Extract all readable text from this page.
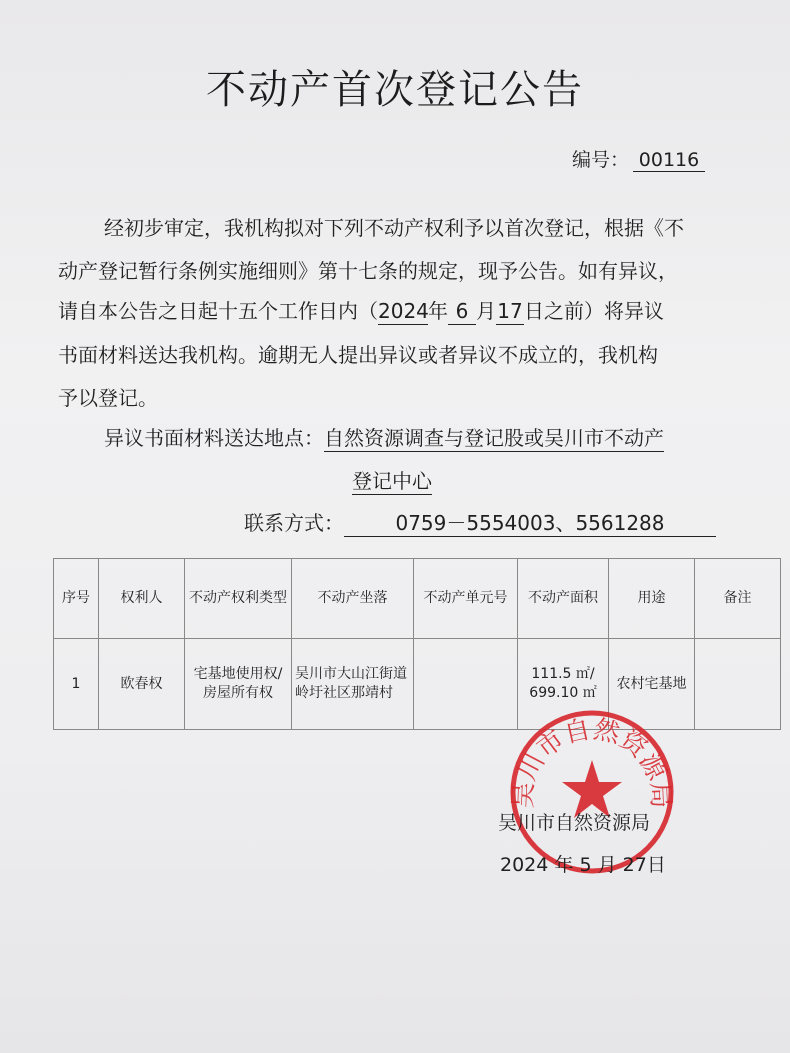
不动产首次登记公告
编号： 00116
经初步审定，我机构拟对下列不动产权利予以首次登记，根据《不
动产登记暂行条例实施细则》第十七条的规定，现予公告。如有异议，
请自本公告之日起十五个工作日内（2024年 6 月17日之前）将异议
书面材料送达我机构。逾期无人提出异议或者异议不成立的，我机构
予以登记。
异议书面材料送达地点：自然资源调查与登记股或吴川市不动产
登记中心
联系方式：	0759－5554003、5561288
序号	权利人	不动产权利类型	不动产坐落	不动产单元号	不动产面积	用途	备注
1	欧春权	宅基地使用权/房屋所有权	吴川市大山江街道岭圩社区那靖村		111.5 ㎡/ 699.10 ㎡	农村宅基地	
吴川市自然资源局
吴川市自然资源局
2024 年 5 月 27日
